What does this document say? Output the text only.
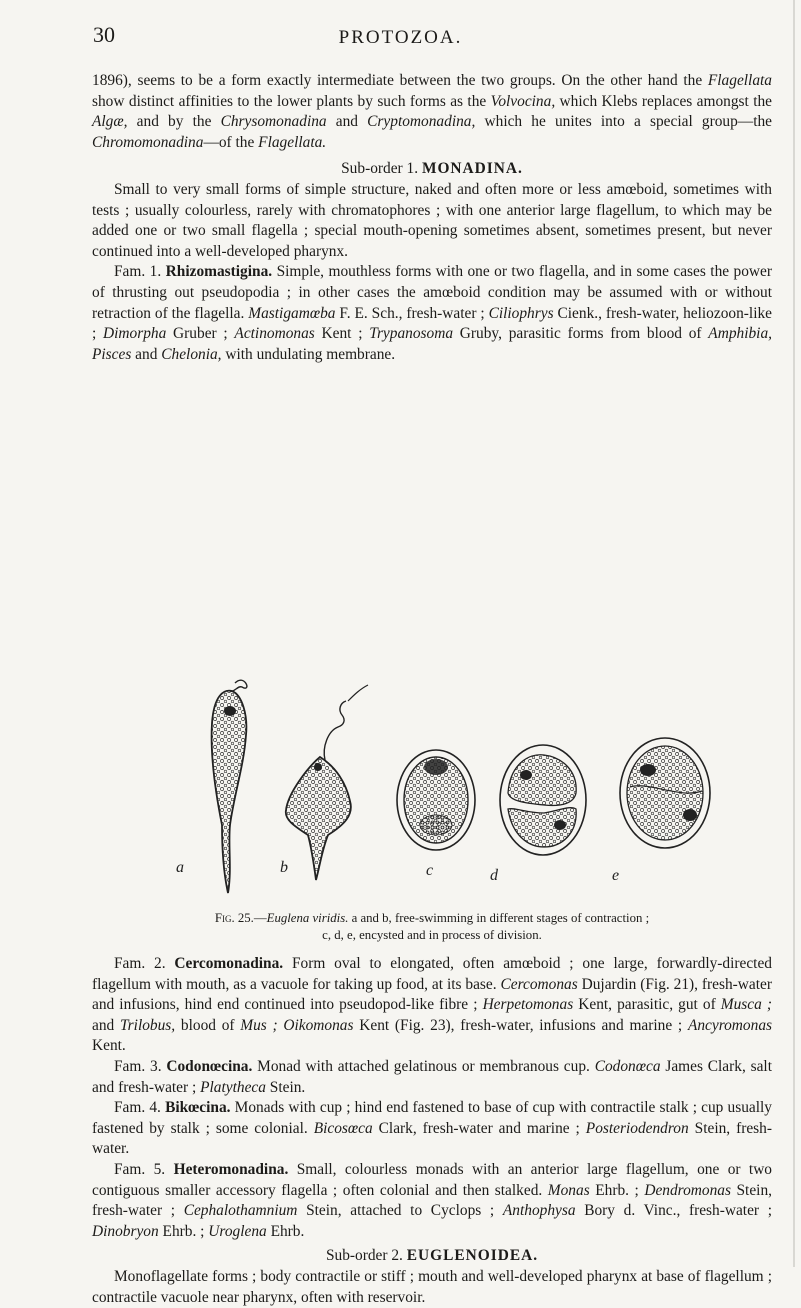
30	PROTOZOA.

1896), seems to be a form exactly intermediate between the two groups. On the other hand the Flagellata show distinct affinities to the lower plants by such forms as the Volvocina, which Klebs replaces amongst the Algæ, and by the Chrysomonadina and Cryptomonadina, which he unites into a special group—the Chromomonadina—of the Flagellata.

Sub-order 1. MONADINA.

Small to very small forms of simple structure, naked and often more or less amœboid, sometimes with tests ; usually colourless, rarely with chromatophores ; with one anterior large flagellum, to which may be added one or two small flagella ; special mouth-opening sometimes absent, sometimes present, but never continued into a well-developed pharynx.

Fam. 1. Rhizomastigina. Simple, mouthless forms with one or two flagella, and in some cases the power of thrusting out pseudopodia ; in other cases the amœboid condition may be assumed with or without retraction of the flagella. Mastigamœba F. E. Sch., fresh-water ; Ciliophrys Cienk., fresh-water, heliozoon-like ; Dimorpha Gruber ; Actinomonas Kent ; Trypanosoma Gruby, parasitic forms from blood of Amphibia, Pisces and Chelonia, with undulating membrane.

a	b	c	d	e
Fig. 25.—Euglena viridis. a and b, free-swimming in different stages of contraction ;
c, d, e, encysted and in process of division.

Fam. 2. Cercomonadina. Form oval to elongated, often amœboid ; one large, forwardly-directed flagellum with mouth, as a vacuole for taking up food, at its base. Cercomonas Dujardin (Fig. 21), fresh-water and infusions, hind end continued into pseudopod-like fibre ; Herpetomonas Kent, parasitic, gut of Musca ; and Trilobus, blood of Mus ; Oikomonas Kent (Fig. 23), fresh-water, infusions and marine ; Ancyromonas Kent.

Fam. 3. Codonœcina. Monad with attached gelatinous or membranous cup. Codonœca James Clark, salt and fresh-water ; Platytheca Stein.

Fam. 4. Bikœcina. Monads with cup ; hind end fastened to base of cup with contractile stalk ; cup usually fastened by stalk ; some colonial. Bicosœca Clark, fresh-water and marine ; Posteriodendron Stein, fresh-water.

Fam. 5. Heteromonadina. Small, colourless monads with an anterior large flagellum, one or two contiguous smaller accessory flagella ; often colonial and then stalked. Monas Ehrb. ; Dendromonas Stein, fresh-water ; Cephalothamnium Stein, attached to Cyclops ; Anthophysa Bory d. Vinc., fresh-water ; Dinobryon Ehrb. ; Uroglena Ehrb.

Sub-order 2. EUGLENOIDEA.

Monoflagellate forms ; body contractile or stiff ; mouth and well-developed pharynx at base of flagellum ; contractile vacuole near pharynx, often with reservoir.
